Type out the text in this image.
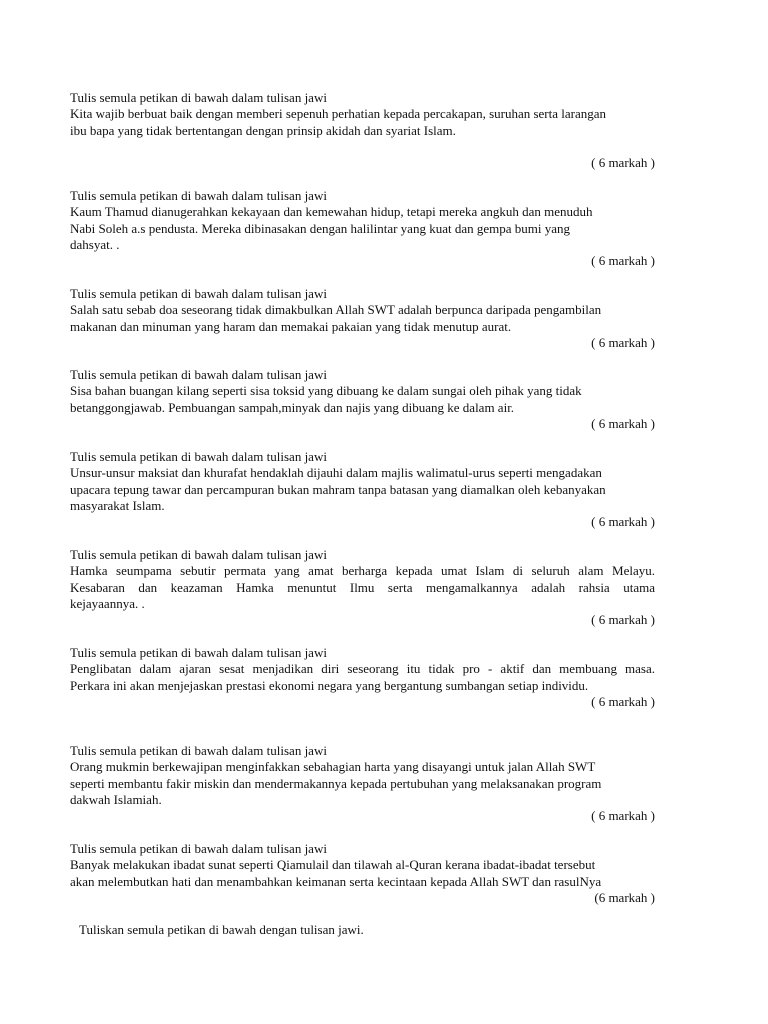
Tulis semula petikan di bawah dalam tulisan jawi
Kita wajib berbuat baik dengan memberi sepenuh perhatian kepada percakapan, suruhan serta larangan
ibu bapa yang tidak bertentangan dengan prinsip akidah dan syariat Islam.
( 6 markah )
Tulis semula petikan di bawah dalam tulisan jawi
Kaum Thamud dianugerahkan kekayaan dan kemewahan hidup, tetapi mereka angkuh dan menuduh
Nabi Soleh a.s pendusta. Mereka dibinasakan dengan halilintar yang kuat dan gempa bumi yang
dahsyat. .
( 6 markah )
Tulis semula petikan di bawah dalam tulisan jawi
Salah satu sebab doa seseorang tidak dimakbulkan Allah SWT adalah berpunca daripada pengambilan
makanan dan minuman yang haram dan memakai pakaian yang tidak menutup aurat.
( 6 markah )
Tulis semula petikan di bawah dalam tulisan jawi
Sisa bahan buangan kilang seperti sisa toksid yang dibuang ke dalam sungai oleh pihak yang tidak
betanggongjawab. Pembuangan sampah,minyak dan najis yang dibuang ke dalam air.
( 6 markah )
Tulis semula petikan di bawah dalam tulisan jawi
Unsur-unsur maksiat dan khurafat hendaklah dijauhi dalam majlis walimatul-urus seperti mengadakan
upacara tepung tawar dan percampuran bukan mahram tanpa batasan yang diamalkan oleh kebanyakan
masyarakat Islam.
( 6 markah )
Tulis semula petikan di bawah dalam tulisan jawi
Hamka seumpama sebutir permata yang amat berharga kepada umat Islam di seluruh alam Melayu.
Kesabaran dan keazaman Hamka menuntut Ilmu serta mengamalkannya adalah rahsia utama
kejayaannya. .
( 6 markah )
Tulis semula petikan di bawah dalam tulisan jawi
Penglibatan dalam ajaran sesat menjadikan diri seseorang itu tidak pro - aktif dan membuang masa.
Perkara ini akan menjejaskan prestasi ekonomi negara yang bergantung sumbangan setiap individu.
( 6 markah )
Tulis semula petikan di bawah dalam tulisan jawi
Orang mukmin berkewajipan menginfakkan sebahagian harta yang disayangi untuk jalan Allah SWT
seperti membantu fakir miskin dan mendermakannya kepada pertubuhan yang melaksanakan program
dakwah Islamiah.
( 6 markah )
Tulis semula petikan di bawah dalam tulisan jawi
Banyak melakukan ibadat sunat seperti Qiamulail dan tilawah al-Quran kerana ibadat-ibadat tersebut
akan melembutkan hati dan menambahkan keimanan serta kecintaan kepada Allah SWT dan rasulNya
(6 markah )
Tuliskan semula petikan di bawah dengan tulisan jawi.
